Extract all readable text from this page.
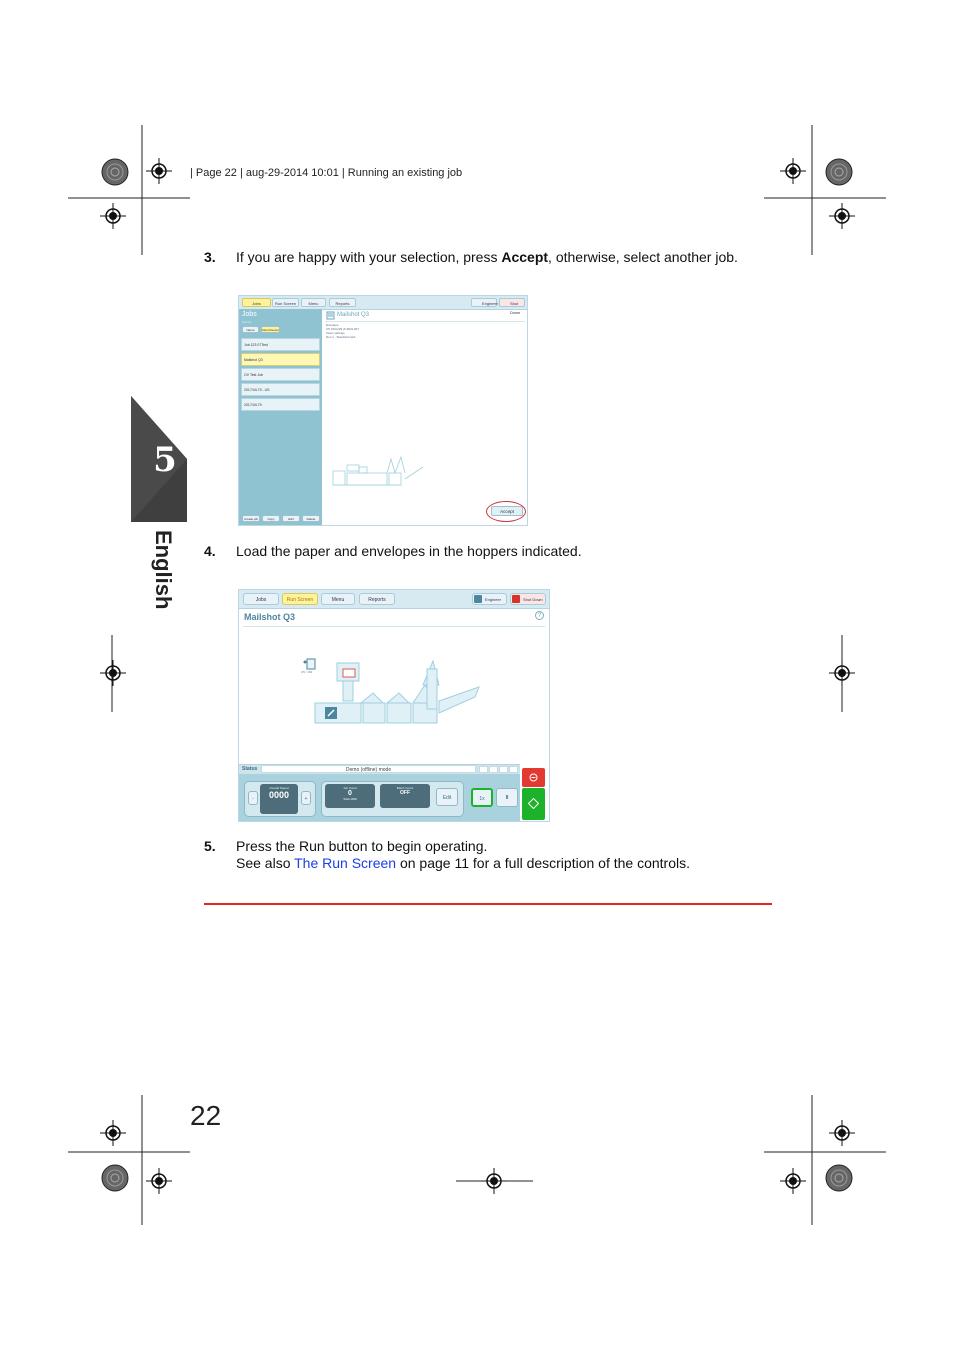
| Page 22 | aug-29-2014 10:01 | Running an existing job
5
English
3. If you are happy with your selection, press Accept, otherwise, select another job.
Jobs	Run Screen	Menu	Reports	Engineer	Shut Down
Jobs
Sort by
Name	Most Recent
Job 123 07Test
Mailshot Q3
OV Test Job
2017/4/L79 - US
2017/4/L79
Create job	Copy	Edit	Delete
Mailshot Q3
Envelope
C5 162x229 (6.38x9.02")
Insert settings
Doc 1 - Standard card
Accept
4. Load the paper and envelopes in the hoppers indicated.
Jobs	Run Screen	Menu	Reports	Engineer	Shut Down
Mailshot Q3	?
C5 / 162
Status	Demo (offline) mode
-
Overall Speed
0000	+
Job Count
0
Total 1000
Batch Count
OFF
Edit	1x	II
5. Press the Run button to begin operating.
See also The Run Screen on page 11 for a full description of the controls.
22
